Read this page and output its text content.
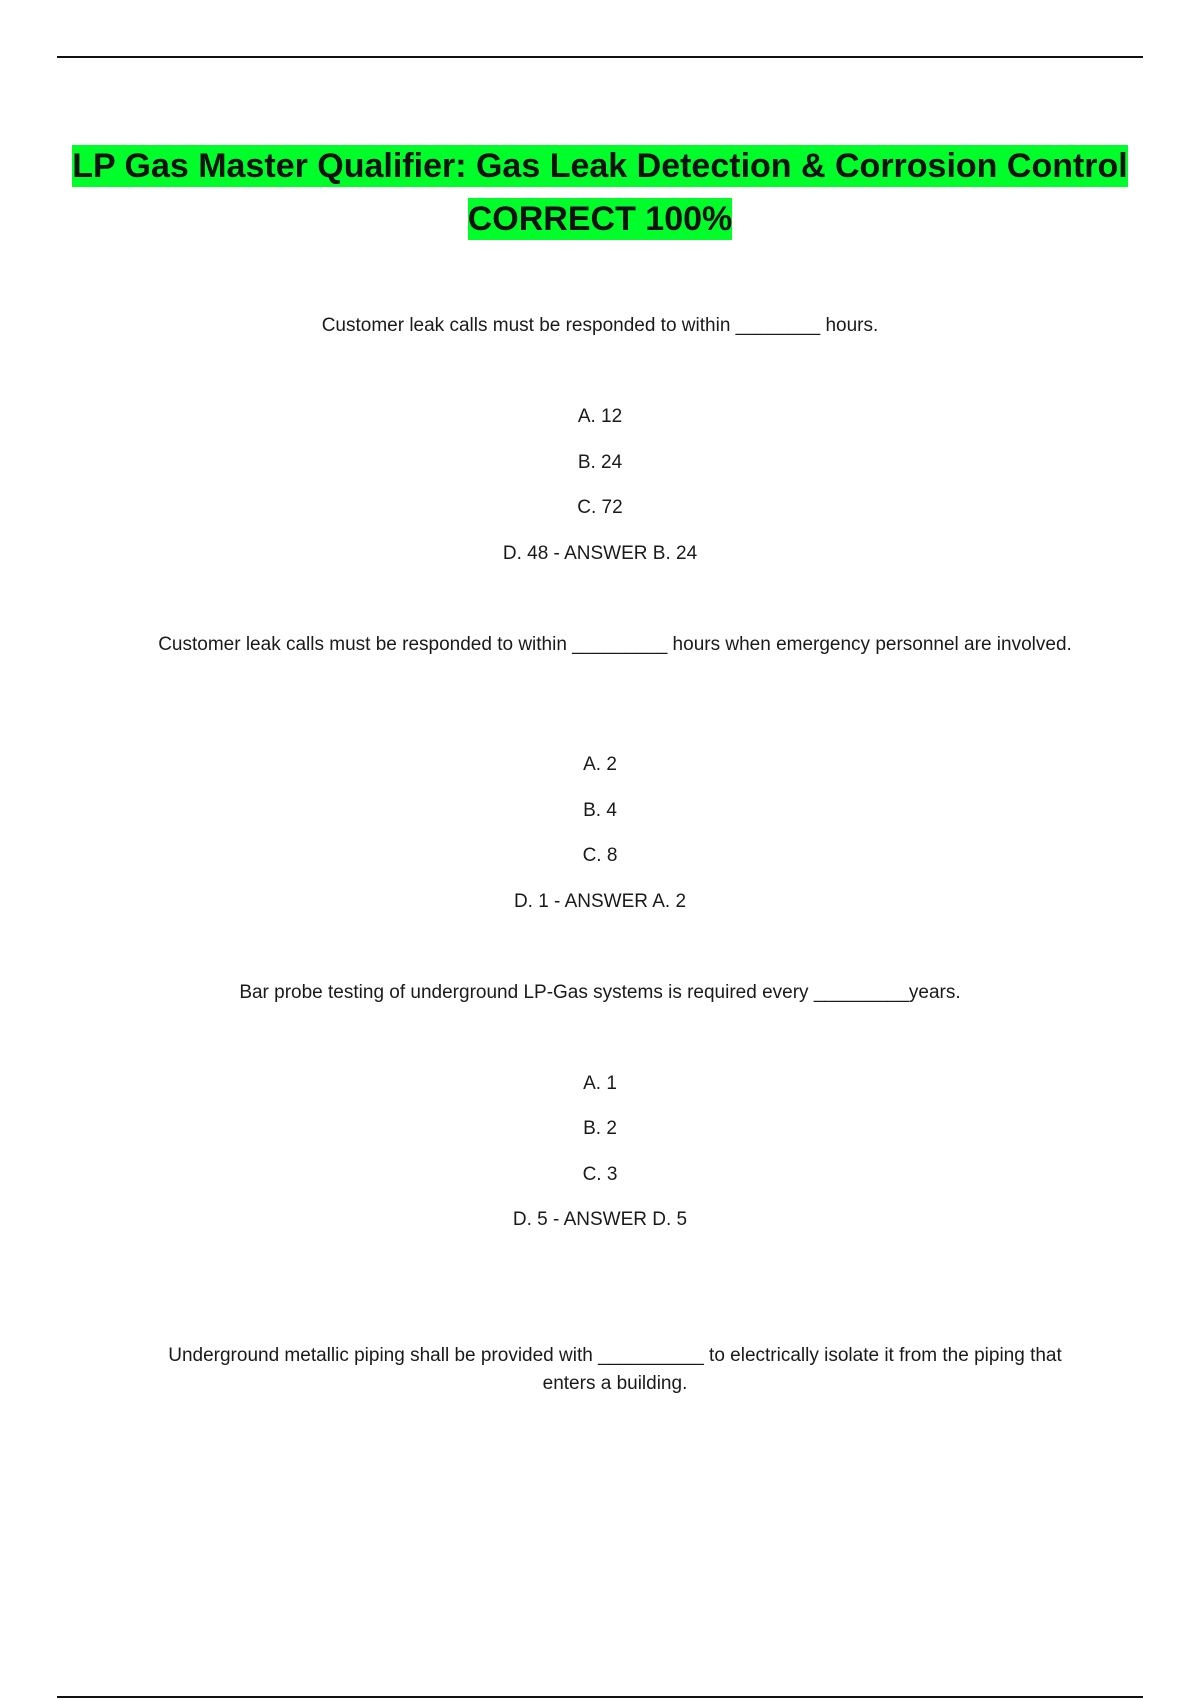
LP Gas Master Qualifier: Gas Leak Detection & Corrosion Control CORRECT 100%
Customer leak calls must be responded to within ________ hours.
A. 12
B. 24
C. 72
D. 48 - ANSWER B. 24
Customer leak calls must be responded to within _________ hours when emergency personnel are involved.
A. 2
B. 4
C. 8
D. 1 - ANSWER A. 2
Bar probe testing of underground LP-Gas systems is required every _________years.
A. 1
B. 2
C. 3
D. 5 - ANSWER D. 5
Underground metallic piping shall be provided with __________ to electrically isolate it from the piping that enters a building.
